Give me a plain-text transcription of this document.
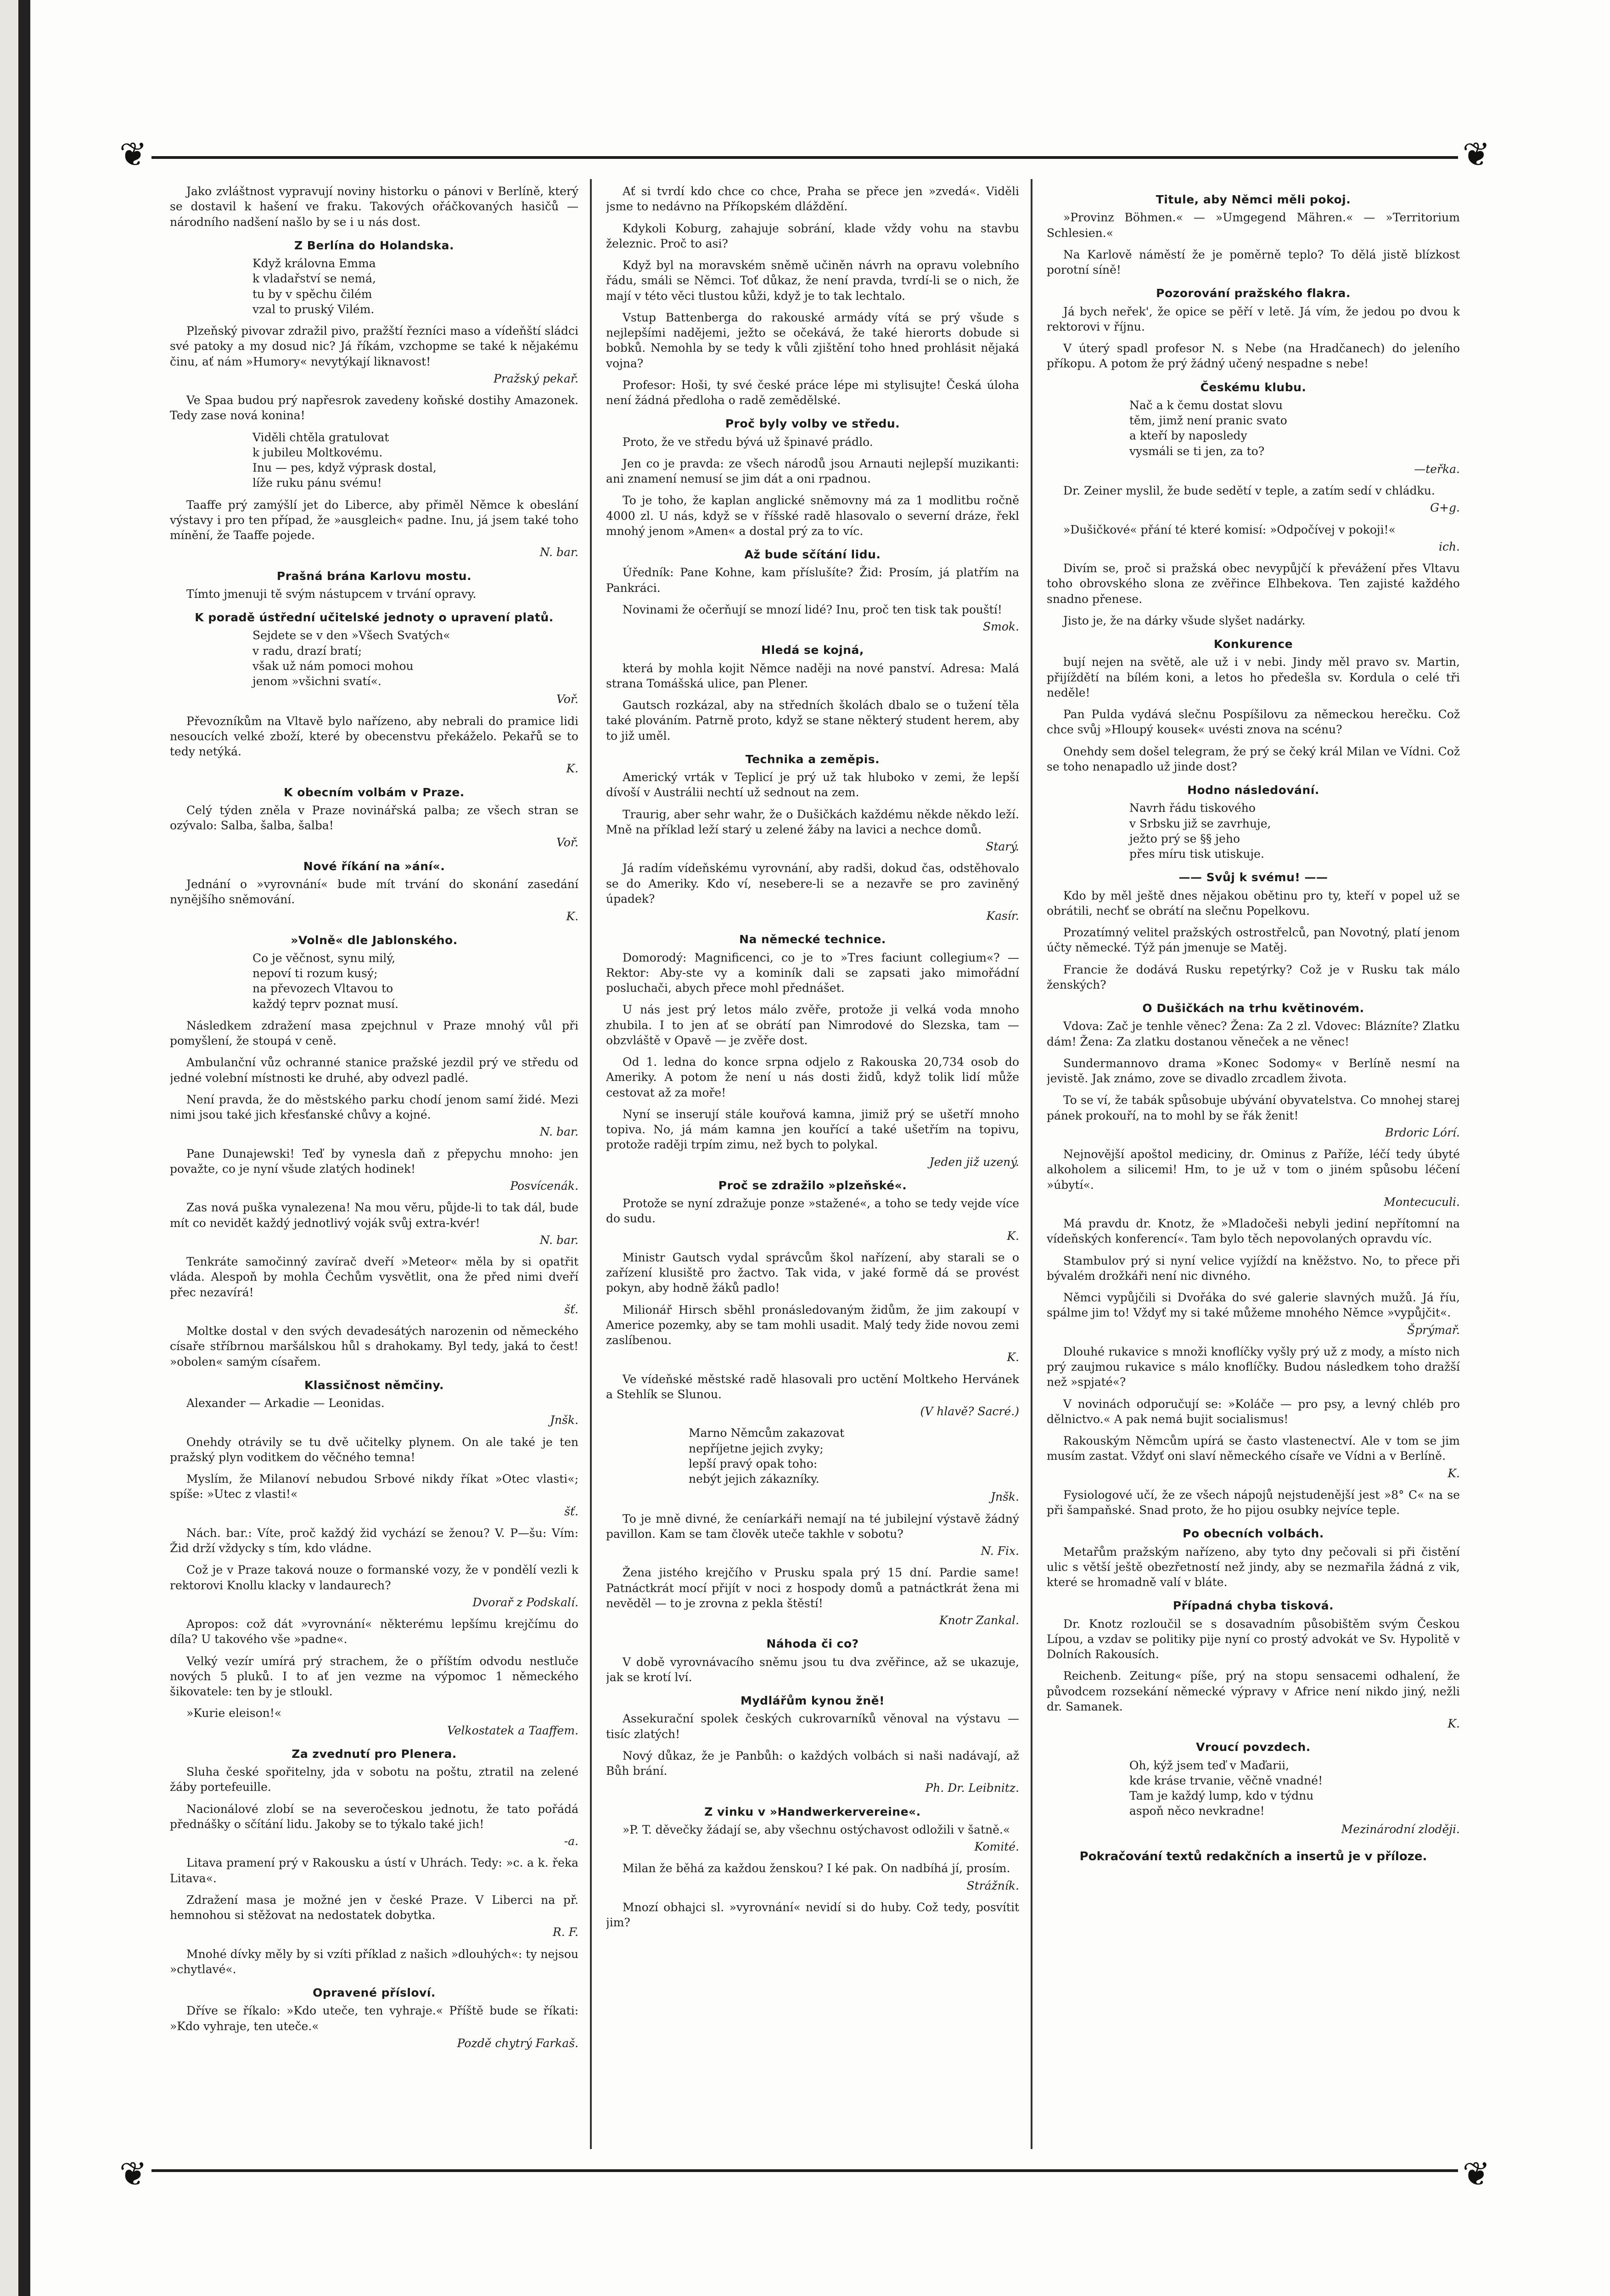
❦	❦
❦	❦

Jako zvláštnost vypravují noviny historku o pánovi v Berlíně, který se dostavil k hašení ve fraku. Takových ořáčkovaných hasičů — národního nadšení našlo by se i u nás dost.

Z Berlína do Holandska.
Když královna Emma
k vladařství se nemá,
tu by v spěchu čilém
vzal to pruský Vilém.

Plzeňský pivovar zdražil pivo, pražští řezníci maso a vídeňští sládci své patoky a my dosud nic? Já říkám, vzchopme se také k nějakému činu, ať nám »Humory« nevytýkají liknavost!

Pražský pekař.

Ve Spaa budou prý napřesrok zavedeny koňské dostihy Amazonek. Tedy zase nová konina!

Viděli chtěla gratulovat
k jubileu Moltkovému.
Inu — pes, když výprask dostal,
líže ruku pánu svému!

Taaffe prý zamýšlí jet do Liberce, aby přiměl Němce k obeslání výstavy i pro ten případ, že »ausgleich« padne. Inu, já jsem také toho mínění, že Taaffe pojede.

N. bar.
Prašná brána Karlovu mostu.

Tímto jmenuji tě svým nástupcem v trvání opravy.

K poradě ústřední učitelské jednoty o upravení platů.
Sejdete se v den »Všech Svatých«
v radu, drazí bratí;
však už nám pomoci mohou
jenom »všichni svatí«.
Voř.

Převozníkům na Vltavě bylo nařízeno, aby nebrali do pramice lidi nesoucích velké zboží, které by obecenstvu překáželo. Pekařů se to tedy netýká.

K.
K obecním volbám v Praze.

Celý týden zněla v Praze novinářská palba; ze všech stran se ozývalo: Salba, šalba, šalba!

Voř.
Nové říkání na »ání«.

Jednání o »vyrovnání« bude mít trvání do skonání zasedání nynějšího sněmování.

K.
»Volně« dle Jablonského.
Co je věčnost, synu milý,
nepoví ti rozum kusý;
na převozech Vltavou to
každý teprv poznat musí.

Následkem zdražení masa zpejchnul v Praze mnohý vůl při pomyšlení, že stoupá v ceně.

Ambulanční vůz ochranné stanice pražské jezdil prý ve středu od jedné volební místnosti ke druhé, aby odvezl padlé.

Není pravda, že do městského parku chodí jenom samí židé. Mezi nimi jsou také jich křesťanské chůvy a kojné.

N. bar.

Pane Dunajewski! Teď by vynesla daň z přepychu mnoho: jen považte, co je nyní všude zlatých hodinek!

Posvícenák.

Zas nová puška vynalezena! Na mou věru, půjde-li to tak dál, bude mít co nevidět každý jednotlivý voják svůj extra-kvér!

N. bar.

Tenkráte samočinný zavírač dveří »Meteor« měla by si opatřit vláda. Alespoň by mohla Čechům vysvětlit, ona že před nimi dveří přec nezavírá!

šť.

Moltke dostal v den svých devadesátých narozenin od německého císaře stříbrnou maršálskou hůl s drahokamy. Byl tedy, jaká to čest! »obolen« samým císařem.

Klassičnost němčiny.

Alexander — Arkadie — Leonidas.

Jnšk.

Onehdy otrávily se tu dvě učitelky plynem. On ale také je ten pražský plyn voditkem do věčného temna!

Myslím, že Milanoví nebudou Srbové nikdy říkat »Otec vlasti«; spíše: »Utec z vlasti!«

šť.

Nách. bar.: Víte, proč každý žid vychází se ženou? V. P—šu: Vím: Žid drží vždycky s tím, kdo vládne.

Což je v Praze taková nouze o formanské vozy, že v pondělí vezli k rektorovi Knollu klacky v landaurech?

Dvorař z Podskalí.

Apropos: což dát »vyrovnání« některému lepšímu krejčímu do díla? U takového vše »padne«.

Velký vezír umírá prý strachem, že o příštím odvodu nestluče nových 5 pluků. I to ať jen vezme na výpomoc 1 německého šikovatele: ten by je stloukl.

»Kurie eleison!«

Velkostatek a Taaffem.
Za zvednutí pro Plenera.

Sluha české spořitelny, jda v sobotu na poštu, ztratil na zelené žáby portefeuille.

Nacionálové zlobí se na severočeskou jednotu, že tato pořádá přednášky o sčítání lidu. Jakoby se to týkalo také jich!

-a.

Litava pramení prý v Rakousku a ústí v Uhrách. Tedy: »c. a k. řeka Litava«.

Zdražení masa je možné jen v české Praze. V Liberci na př. hemnohou si stěžovat na nedostatek dobytka.

R. F.

Mnohé dívky měly by si vzíti příklad z našich »dlouhých«: ty nejsou »chytlavé«.

Opravené přísloví.

Dříve se říkalo: »Kdo uteče, ten vyhraje.« Příště bude se říkati: »Kdo vyhraje, ten uteče.«

Pozdě chytrý Farkaš.

Ať si tvrdí kdo chce co chce, Praha se přece jen »zvedá«. Viděli jsme to nedávno na Příkopském dláždění.

Kdykoli Koburg, zahajuje sobrání, klade vždy vohu na stavbu železnic. Proč to asi?

Když byl na moravském sněmě učiněn návrh na opravu volebního řádu, smáli se Němci. Toť důkaz, že není pravda, tvrdí-li se o nich, že mají v této věci tlustou kůži, když je to tak lechtalo.

Vstup Battenberga do rakouské armády vítá se prý všude s nejlepšími nadějemi, ježto se očekává, že také hierorts dobude si bobků. Nemohla by se tedy k vůli zjištění toho hned prohlásit nějaká vojna?

Profesor: Hoši, ty své české práce lépe mi stylisujte! Česká úloha není žádná předloha o radě zemědělské.

Proč byly volby ve středu.

Proto, že ve středu bývá už špinavé prádlo.

Jen co je pravda: ze všech národů jsou Arnauti nejlepší muzikanti: ani znamení nemusí se jim dát a oni rpadnou.

To je toho, že kaplan anglické sněmovny má za 1 modlitbu ročně 4000 zl. U nás, když se v říšské radě hlasovalo o severní dráze, řekl mnohý jenom »Amen« a dostal prý za to víc.

Až bude sčítání lidu.

Úředník: Pane Kohne, kam příslušíte? Žid: Prosím, já platřím na Pankráci.

Novinami že očerňují se mnozí lidé? Inu, proč ten tisk tak pouští!

Smok.
Hledá se kojná,

která by mohla kojit Němce naději na nové panství. Adresa: Malá strana Tomášská ulice, pan Plener.

Gautsch rozkázal, aby na středních školách dbalo se o tužení těla také plováním. Patrně proto, když se stane některý student herem, aby to již uměl.

Technika a zeměpis.

Americký vrták v Teplicí je prý už tak hluboko v zemi, že lepší dívoší v Austrálii nechtí už sednout na zem.

Traurig, aber sehr wahr, že o Dušičkách každému někde někdo leží. Mně na příklad leží starý u zelené žáby na lavici a nechce domů.

Starý.

Já radím vídeňskému vyrovnání, aby radši, dokud čas, odstěhovalo se do Ameriky. Kdo ví, nesebere-li se a nezavře se pro zaviněný úpadek?

Kasír.
Na německé technice.

Domorodý: Magnificenci, co je to »Tres faciunt collegium«? — Rektor: Aby-ste vy a kominík dali se zapsati jako mimořádní posluchači, abych přece mohl přednášet.

U nás jest prý letos málo zvěře, protože ji velká voda mnoho zhubila. I to jen ať se obrátí pan Nimrodové do Slezska, tam — obzvláště v Opavě — je zvěře dost.

Od 1. ledna do konce srpna odjelo z Rakouska 20,734 osob do Ameriky. A potom že není u nás dosti židů, když tolik lidí může cestovat až za moře!

Nyní se inserují stále kouřová kamna, jimiž prý se ušetří mnoho topiva. No, já mám kamna jen kouřící a také ušetřím na topivu, protože raději trpím zimu, než bych to polykal.

Jeden již uzený.
Proč se zdražilo »plzeňské«.

Protože se nyní zdražuje ponze »stažené«, a toho se tedy vejde více do sudu.

K.

Ministr Gautsch vydal správcům škol nařízení, aby starali se o zařízení klusiště pro žactvo. Tak vida, v jaké formě dá se provést pokyn, aby hodně žáků padlo!

Milionář Hirsch sběhl pronásledovaným židům, že jim zakoupí v Americe pozemky, aby se tam mohli usadit. Malý tedy žide novou zemi zaslíbenou.

K.

Ve vídeňské městské radě hlasovali pro uctění Moltkeho Hervánek a Stehlík se Slunou.

(V hlavě? Sacré.)
Marno Němcům zakazovat
nepříjetne jejich zvyky;
lepší pravý opak toho:
nebýt jejich zákazníky.
Jnšk.

To je mně divné, že ceníarkáři nemají na té jubilejní výstavě žádný pavillon. Kam se tam člověk uteče takhle v sobotu?

N. Fix.

Žena jistého krejčího v Prusku spala prý 15 dní. Pardie same! Patnáctkrát mocí přijít v noci z hospody domů a patnáctkrát žena mi nevěděl — to je zrovna z pekla štěstí!

Knotr Zankal.
Náhoda či co?

V době vyrovnávacího sněmu jsou tu dva zvěřince, až se ukazuje, jak se krotí lví.

Mydlářům kynou žně!

Assekurační spolek českých cukrovarníků věnoval na výstavu — tisíc zlatých!

Nový důkaz, že je Panbůh: o každých volbách si naši nadávají, až Bůh brání.

Ph. Dr. Leibnitz.
Z vinku v »Handwerkervereine«.

»P. T. děvečky žádají se, aby všechnu ostýchavost odložili v šatně.«

Komité.

Milan že běhá za každou ženskou? I ké pak. On nadbíhá jí, prosím.

Strážník.

Mnozí obhajci sl. »vyrovnání« nevidí si do huby. Což tedy, posvítit jim?

Titule, aby Němci měli pokoj.

»Provinz Böhmen.« — »Umgegend Mähren.« — »Territorium Schlesien.«

Na Karlově náměstí že je poměrně teplo? To dělá jistě blízkost porotní síně!

Pozorování pražského flakra.

Já bych neřek', že opice se pěří v letě. Já vím, že jedou po dvou k rektorovi v říjnu.

V úterý spadl profesor N. s Nebe (na Hradčanech) do jeleního příkopu. A potom že prý žádný učený nespadne s nebe!

Českému klubu.
Nač a k čemu dostat slovu
těm, jimž není pranic svato
a kteří by naposledy
vysmáli se ti jen, za to?
—teřka.

Dr. Zeiner myslil, že bude sedětí v teple, a zatím sedí v chládku.

G+g.

»Dušičkové« přání té které komisí: »Odpočívej v pokoji!«

ich.

Divím se, proč si pražská obec nevypůjčí k převážení přes Vltavu toho obrovského slona ze zvěřince Elhbekova. Ten zajisté každého snadno přenese.

Jisto je, že na dárky všude slyšet nadárky.

Konkurence

bují nejen na světě, ale už i v nebi. Jindy měl pravo sv. Martin, přijíždětí na bílém koni, a letos ho předešla sv. Kordula o celé tři neděle!

Pan Pulda vydává slečnu Pospíšilovu za německou herečku. Což chce svůj »Hloupý kousek« uvésti znova na scénu?

Onehdy sem došel telegram, že prý se čeký král Milan ve Vídni. Což se toho nenapadlo už jinde dost?

Hodno následování.
Navrh řádu tiskového
v Srbsku již se zavrhuje,
ježto prý se §§ jeho
přes míru tisk utiskuje.
—— Svůj k svému! ——

Kdo by měl ještě dnes nějakou obětinu pro ty, kteří v popel už se obrátili, nechť se obrátí na slečnu Popelkovu.

Prozatímný velitel pražských ostrostřelců, pan Novotný, platí jenom účty německé. Týž pán jmenuje se Matěj.

Francie že dodává Rusku repetýrky? Což je v Rusku tak málo ženských?

O Dušičkách na trhu květinovém.

Vdova: Zač je tenhle věnec? Žena: Za 2 zl. Vdovec: Blázníte? Zlatku dám! Žena: Za zlatku dostanou věneček a ne věnec!

Sundermannovo drama »Konec Sodomy« v Berlíně nesmí na jevistě. Jak známo, zove se divadlo zrcadlem života.

To se ví, že tabák spůsobuje ubývání obyvatelstva. Co mnohej starej pánek prokouří, na to mohl by se řák ženit!

Brdoric Lórí.

Nejnovější apoštol mediciny, dr. Ominus z Paříže, léčí tedy úbyté alkoholem a silicemi! Hm, to je už v tom o jiném spůsobu léčení »úbytí«.

Montecuculi.

Má pravdu dr. Knotz, že »Mladočeši nebyli jediní nepřítomní na vídeňských konferencí«. Tam bylo těch nepovolaných opravdu víc.

Stambulov prý si nyní velice vyjíždí na kněžstvo. No, to přece při bývalém drožkáři není nic divného.

Němci vypůjčili si Dvořáka do své galerie slavných mužů. Já říu, spálme jim to! Vždyť my si také můžeme mnohého Němce »vypůjčit«.

Šprýmař.

Dlouhé rukavice s množi knoflíčky vyšly prý už z mody, a místo nich prý zaujmou rukavice s málo knoflíčky. Budou následkem toho dražší než »spjaté«?

V novinách odporučují se: »Koláče — pro psy, a levný chléb pro dělnictvo.« A pak nemá bujit socialismus!

Rakouským Němcům upírá se často vlastenectví. Ale v tom se jim musím zastat. Vždyť oni slaví německého císaře ve Vídni a v Berlíně.

K.

Fysiologové učí, že ze všech nápojů nejstudenější jest »8° C« na se při šampaňské. Snad proto, že ho pijou osubky nejvíce teple.

Po obecních volbách.

Metařům pražským nařízeno, aby tyto dny pečovali si při čistění ulic s větší ještě obezřetností než jindy, aby se nezmařila žádná z vik, které se hromadně valí v bláte.

Případná chyba tisková.

Dr. Knotz rozloučil se s dosavadním působištěm svým Českou Lípou, a vzdav se politiky pije nyní co prostý advokát ve Sv. Hypolitě v Dolních Rakousích.

Reichenb. Zeitung« píše, prý na stopu sensacemi odhalení, že původcem rozsekání německé výpravy v Africe není nikdo jiný, nežli dr. Samanek.

K.
Vroucí povzdech.
Oh, kýž jsem teď v Maďarii,
kde kráse trvanie, věčně vnadné!
Tam je každý lump, kdo v týdnu
aspoň něco nevkradne!
Mezinárodní zloději.
Pokračování textů redakčních a insertů je v příloze.
